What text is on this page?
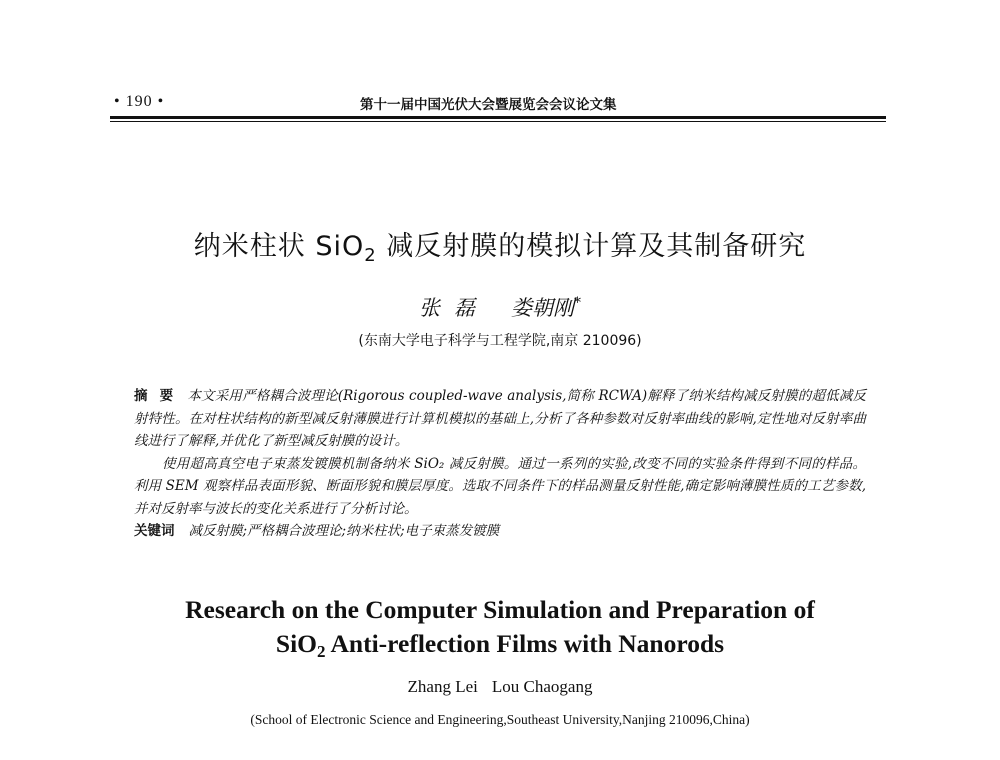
• 190 •	第十一届中国光伏大会暨展览会会议论文集
纳米柱状 SiO$_2$ 减反射膜的模拟计算及其制备研究
张磊 娄朝刚*
(东南大学电子科学与工程学院,南京 210096)

摘要 本文采用严格耦合波理论(Rigorous coupled-wave analysis,简称 RCWA)解释了纳米结构减反射膜的超低减反射特性。在对柱状结构的新型减反射薄膜进行计算机模拟的基础上,分析了各种参数对反射率曲线的影响,定性地对反射率曲线进行了解释,并优化了新型减反射膜的设计。

使用超高真空电子束蒸发镀膜机制备纳米 SiO₂ 减反射膜。通过一系列的实验,改变不同的实验条件得到不同的样品。利用 SEM 观察样品表面形貌、断面形貌和膜层厚度。选取不同条件下的样品测量反射性能,确定影响薄膜性质的工艺参数,并对反射率与波长的变化关系进行了分析讨论。

关键词 减反射膜;严格耦合波理论;纳米柱状;电子束蒸发镀膜

Research on the Computer Simulation and Preparation of
SiO$_2$ Anti-reflection Films with Nanorods
Zhang Lei Lou Chaogang
(School of Electronic Science and Engineering,Southeast University,Nanjing 210096,China)
